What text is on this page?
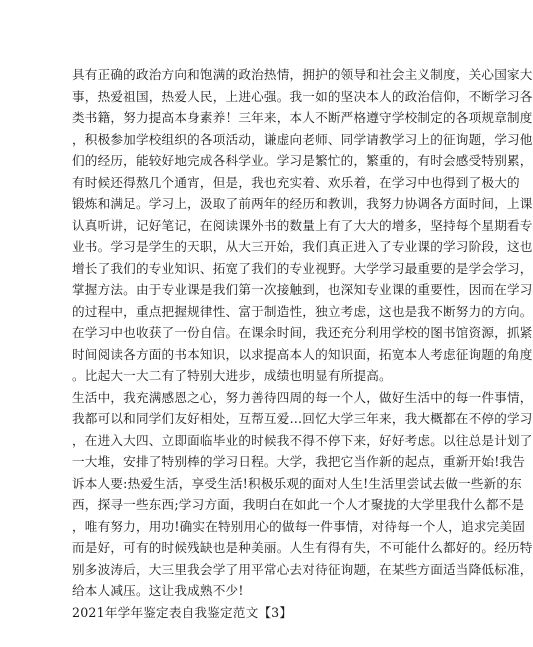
具有正确的政治方向和饱满的政治热情，拥护的领导和社会主义制度，关心国家大
事，热爱祖国，热爱人民，上进心强。我一如的坚决本人的政治信仰，不断学习各
类书籍，努力提高本身素养！三年来，本人不断严格遵守学校制定的各项规章制度
，积极参加学校组织的各项活动，谦虚向老师、同学请教学习上的征询题，学习他
们的经历，能较好地完成各科学业。学习是繁忙的，繁重的，有时会感受特别累，
有时候还得熬几个通宵，但是，我也充实着、欢乐着，在学习中也得到了极大的
锻炼和满足。学习上，汲取了前两年的经历和教训，我努力协调各方面时间，上课
认真听讲，记好笔记，在阅读课外书的数量上有了大大的增多，坚持每个星期看专
业书。学习是学生的天职，从大三开始，我们真正进入了专业课的学习阶段，这也
增长了我们的专业知识、拓宽了我们的专业视野。大学学习最重要的是学会学习，
掌握方法。由于专业课是我们第一次接触到，也深知专业课的重要性，因而在学习
的过程中，重点把握规律性、富于制造性，独立考虑，这也是我不断努力的方向。
在学习中也收获了一份自信。在课余时间，我还充分利用学校的图书馆资源，抓紧
时间阅读各方面的书本知识，以求提高本人的知识面，拓宽本人考虑征询题的角度
。比起大一大二有了特别大进步，成绩也明显有所提高。
生活中，我充满感恩之心，努力善待四周的每一个人，做好生活中的每一件事情，
我都可以和同学们友好相处，互帮互爱…回忆大学三年来，我大概都在不停的学习
，在进入大四、立即面临毕业的时候我不得不停下来，好好考虑。以往总是计划了
一大堆，安排了特别棒的学习日程。大学，我把它当作新的起点，重新开始!我告
诉本人要:热爱生活，享受生活!积极乐观的面对人生!生活里尝试去做一些新的东
西，探寻一些东西;学习方面，我明白在如此一个人才聚拢的大学里我什么都不是
，唯有努力，用功!确实在特别用心的做每一件事情，对待每一个人，追求完美固
而是好，可有的时候残缺也是种美丽。人生有得有失，不可能什么都好的。经历特
别多波涛后，大三里我会学了用平常心去对待征询题，在某些方面适当降低标准，
给本人减压。这让我成熟不少!
2021年学年鉴定表自我鉴定范文【3】
